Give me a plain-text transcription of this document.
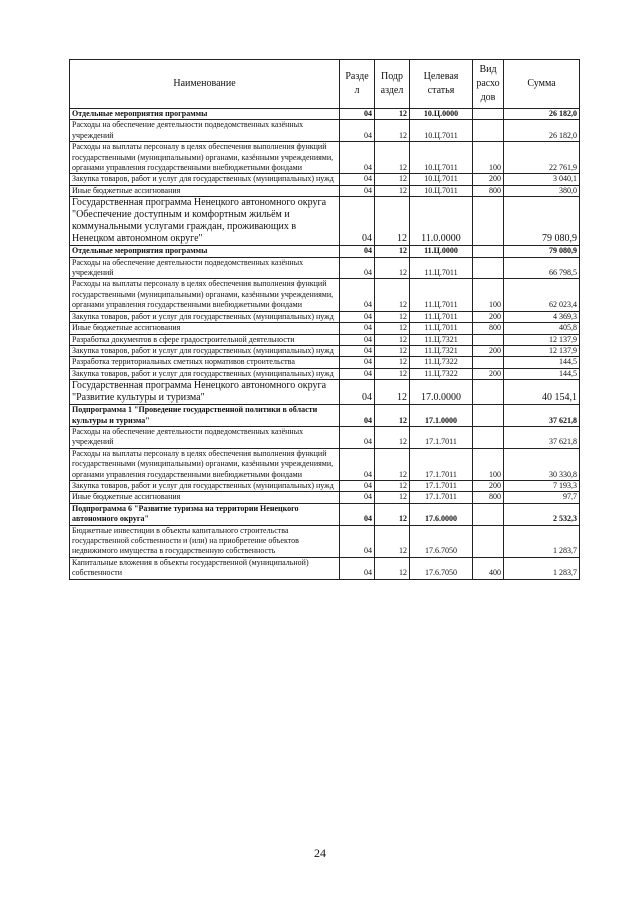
Наименование	Разде л	Подр аздел	Целевая статья	Вид расхо дов	Сумма
Отдельные мероприятия программы	04	12	10.Ц.0000		26 182,0
Расходы на обеспечение деятельности подведомственных казённых учреждений	04	12	10.Ц.7011		26 182,0
Расходы на выплаты персоналу в целях обеспечения выполнения функций государственными (муниципальными) органами, казёнными учреждениями, органами управления государственными внебюджетными фондами	04	12	10.Ц.7011	100	22 761,9
Закупка товаров, работ и услуг для государственных (муниципальных) нужд	04	12	10.Ц.7011	200	3 040,1
Иные бюджетные ассигнования	04	12	10.Ц.7011	800	380,0
Государственная программа Ненецкого автономного округа "Обеспечение доступным и комфортным жильём и коммунальными услугами граждан, проживающих в Ненецком автономном округе"	04	12	11.0.0000		79 080,9
Отдельные мероприятия программы	04	12	11.Ц.0000		79 080,9
Расходы на обеспечение деятельности подведомственных казённых учреждений	04	12	11.Ц.7011		66 798,5
Расходы на выплаты персоналу в целях обеспечения выполнения функций государственными (муниципальными) органами, казёнными учреждениями, органами управления государственными внебюджетными фондами	04	12	11.Ц.7011	100	62 023,4
Закупка товаров, работ и услуг для государственных (муниципальных) нужд	04	12	11.Ц.7011	200	4 369,3
Иные бюджетные ассигнования	04	12	11.Ц.7011	800	405,8
Разработка документов в сфере градостроительной деятельности	04	12	11.Ц.7321		12 137,9
Закупка товаров, работ и услуг для государственных (муниципальных) нужд	04	12	11.Ц.7321	200	12 137,9
Разработка территориальных сметных нормативов строительства	04	12	11.Ц.7322		144,5
Закупка товаров, работ и услуг для государственных (муниципальных) нужд	04	12	11.Ц.7322	200	144,5
Государственная программа Ненецкого автономного округа "Развитие культуры и туризма"	04	12	17.0.0000		40 154,1
Подпрограмма 1 "Проведение государственной политики в области культуры и туризма"	04	12	17.1.0000		37 621,8
Расходы на обеспечение деятельности подведомственных казённых учреждений	04	12	17.1.7011		37 621,8
Расходы на выплаты персоналу в целях обеспечения выполнения функций государственными (муниципальными) органами, казёнными учреждениями, органами управления государственными внебюджетными фондами	04	12	17.1.7011	100	30 330,8
Закупка товаров, работ и услуг для государственных (муниципальных) нужд	04	12	17.1.7011	200	7 193,3
Иные бюджетные ассигнования	04	12	17.1.7011	800	97,7
Подпрограмма 6 "Развитие туризма на территории Ненецкого автономного округа"	04	12	17.6.0000		2 532,3
Бюджетные инвестиции в объекты капитального строительства государственной собственности и (или) на приобретение объектов недвижимого имущества в государственную собственность	04	12	17.6.7050		1 283,7
Капитальные вложения в объекты государственной (муниципальной) собственности	04	12	17.6.7050	400	1 283,7
24
